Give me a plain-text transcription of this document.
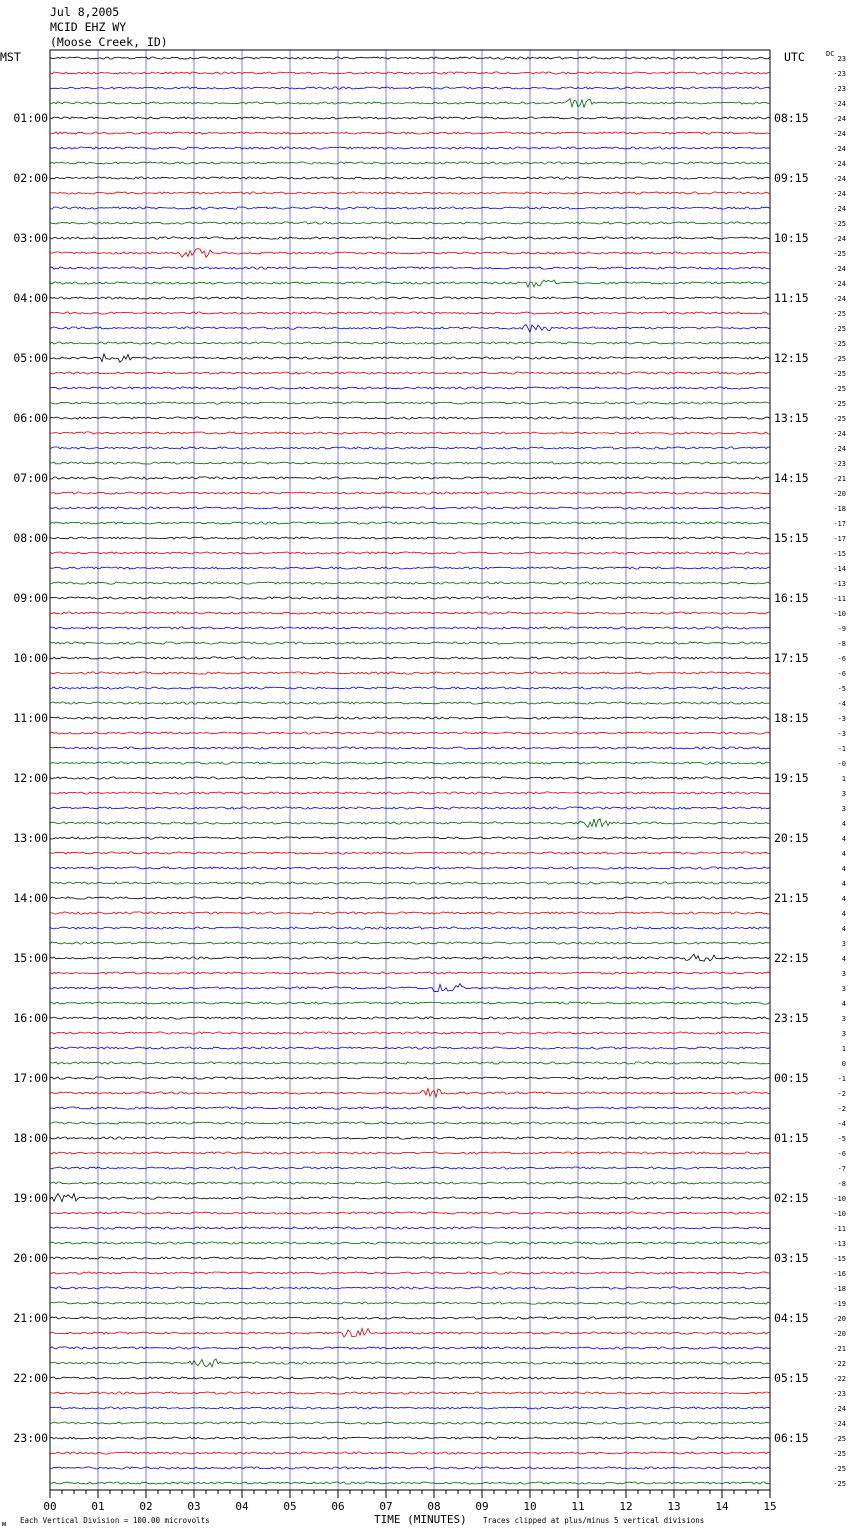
01:00
02:00
03:00
04:00
05:00
06:00
07:00
08:00
09:00
10:00
11:00
12:00
13:00
14:00
15:00
16:00
17:00
18:00
19:00
20:00
21:00
22:00
23:00
08:15
09:15
10:15
11:15
12:15
13:15
14:15
15:15
16:15
17:15
18:15
19:15
20:15
21:15
22:15
23:15
00:15
01:15
02:15
03:15
04:15
05:15
06:15
23
-23
-23
-24
-24
-24
-24
-24
-24
-24
-24
-25
-24
-25
-24
-24
-24
-25
-25
-25
-25
-25
-25
-25
-25
-24
-24
-23
-21
-20
-18
-17
-17
-15
-14
-13
-11
-10
-9
-8
-6
-6
-5
-4
-3
-3
-1
-0
1
3
3
4
4
4
4
4
4
4
4
3
4
3
3
4
3
3
1
0
-1
-2
-2
-4
-5
-6
-7
-8
-10
-10
-11
-13
-15
-16
-18
-19
-20
-20
-21
-22
-22
-23
-24
-24
-25
-25
-25
-25
00	01	02	03	04	05	06	07	08	09	10	11	12	13	14	15
Jul 8,2005
MCID EHZ WY
(Moose Creek, ID)
MST	UTC	DC
ᴍ Each Vertical Division = 100.00 microvolts	TIME (MINUTES) Traces clipped at plus/minus 5 vertical divisions
